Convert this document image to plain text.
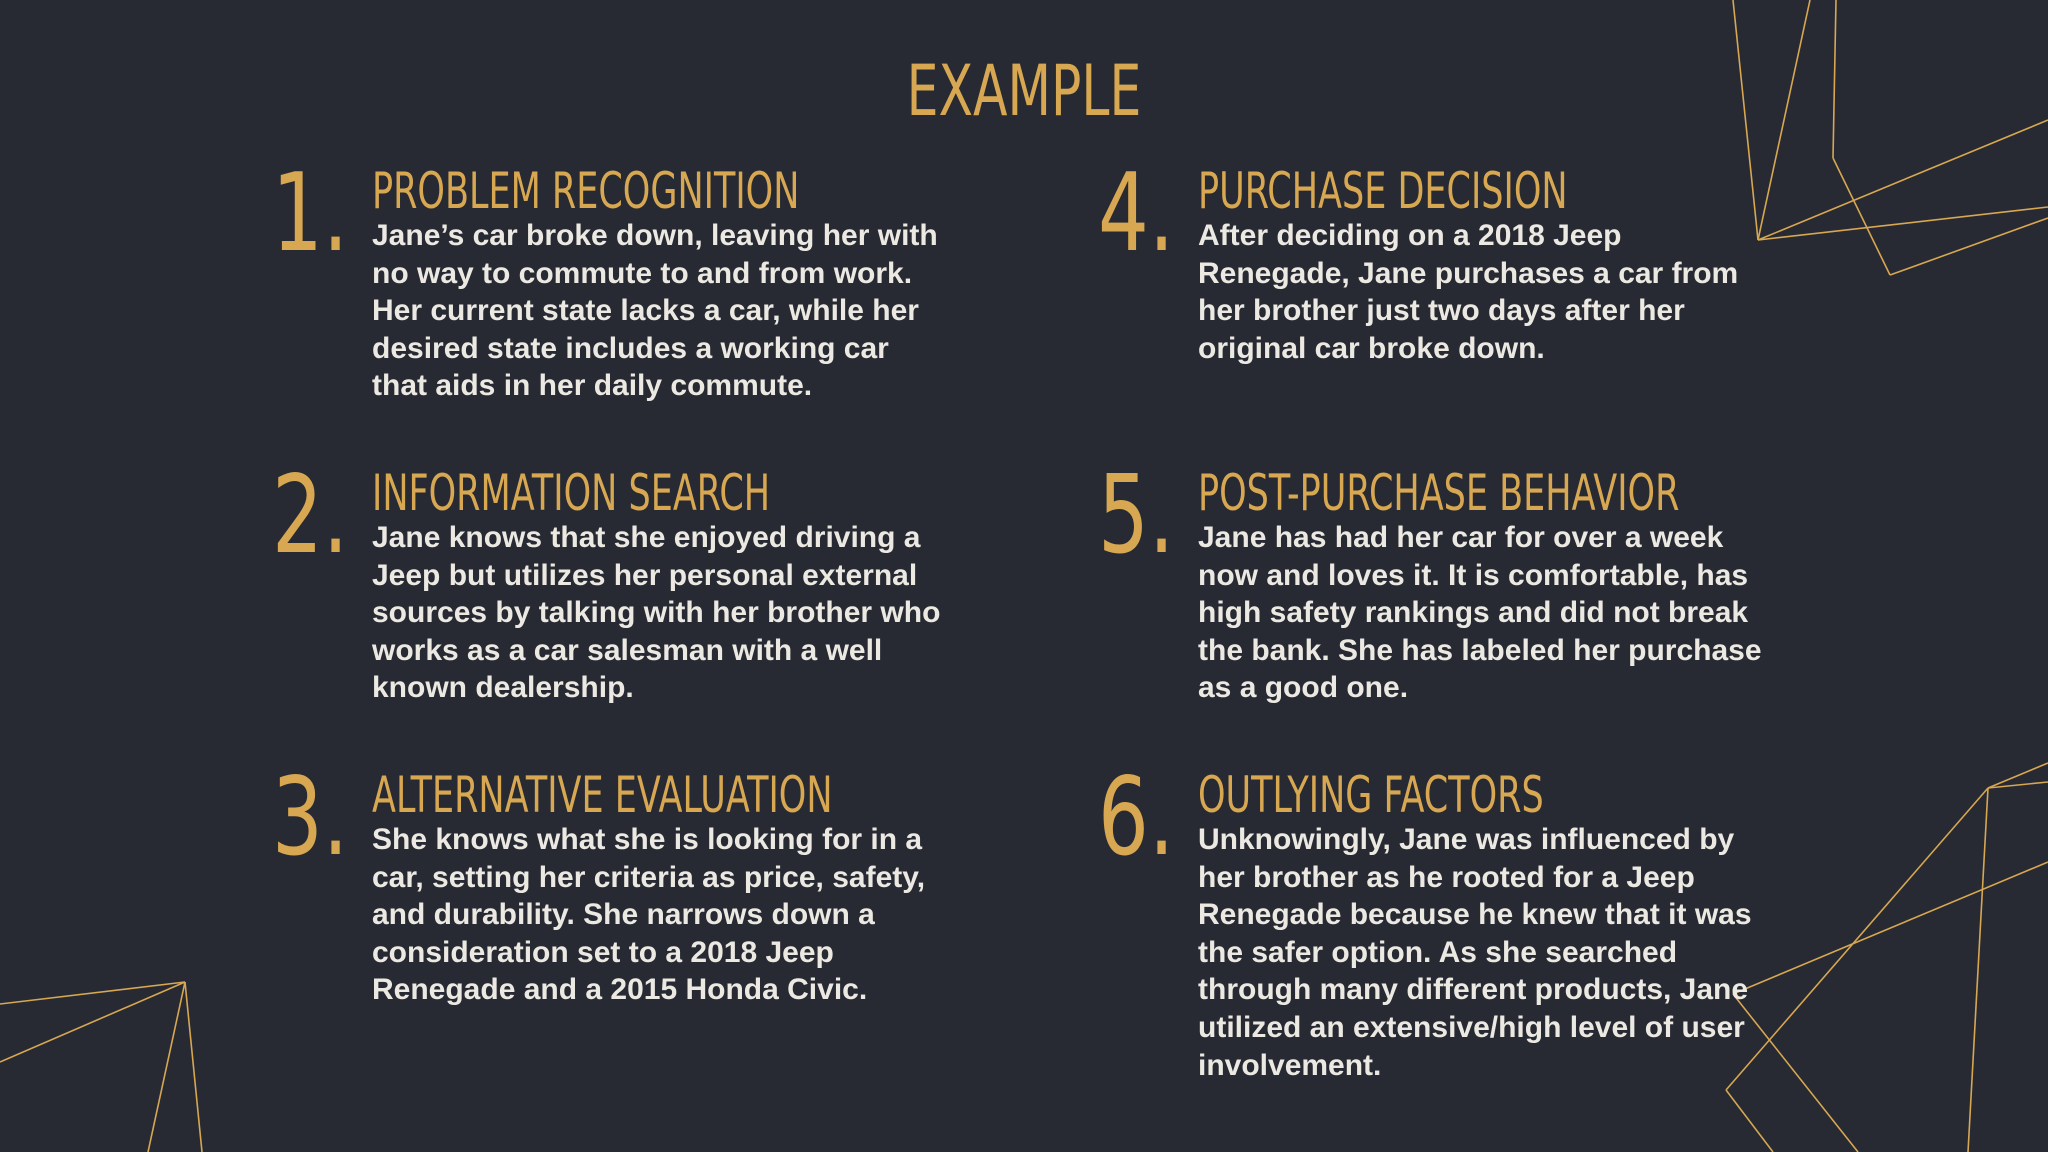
EXAMPLE
1. PROBLEM RECOGNITION

Jane’s car broke down, leaving her with no way to commute to and from work. Her current state lacks a car, while her desired state includes a working car that aids in her daily commute.

2. INFORMATION SEARCH

Jane knows that she enjoyed driving a Jeep but utilizes her personal external sources by talking with her brother who works as a car salesman with a well known dealership.

3. ALTERNATIVE EVALUATION

She knows what she is looking for in a car, setting her criteria as price, safety, and durability. She narrows down a consideration set to a 2018 Jeep Renegade and a 2015 Honda Civic.

4. PURCHASE DECISION

After deciding on a 2018 Jeep Renegade, Jane purchases a car from her brother just two days after her original car broke down.

5. POST-PURCHASE BEHAVIOR

Jane has had her car for over a week now and loves it. It is comfortable, has high safety rankings and did not break the bank. She has labeled her purchase as a good one.

6. OUTLYING FACTORS

Unknowingly, Jane was influenced by her brother as he rooted for a Jeep Renegade because he knew that it was the safer option. As she searched through many different products, Jane utilized an extensive/high level of user involvement.
